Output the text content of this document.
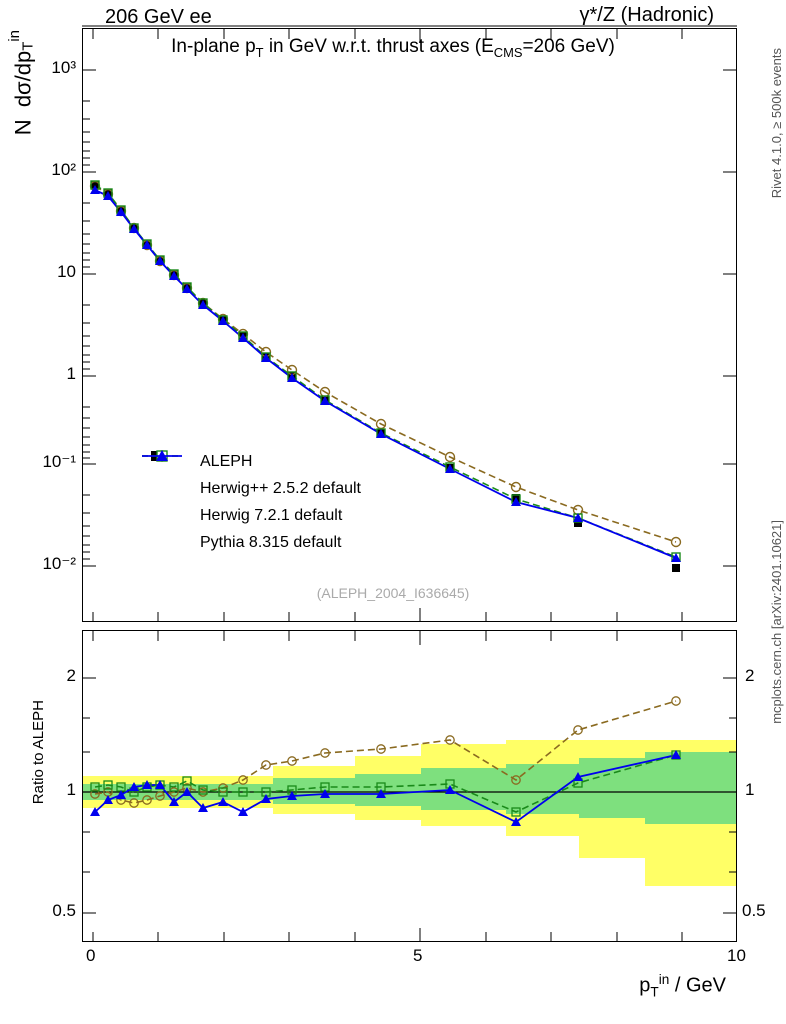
206 GeV ee	γ*/Z (Hadronic)
Rivet 4.1.0, ≥ 500k events
mcplots.cern.ch [arXiv:2401.10621]
N  $d\sigma/dp_T^{in}$
Ratio to ALEPH
$p_T^{in}$ / GeV
In-plane $p_T$ in GeV w.r.t. thrust axes ($E_{CMS}=206$ GeV)
10³
10²
10
1
10⁻¹
10⁻²
2
1
0.5
2
1
0.5
0	5	10
(ALEPH_2004_I636645)
ALEPH
Herwig++ 2.5.2 default
Herwig 7.2.1 default
Pythia 8.315 default
